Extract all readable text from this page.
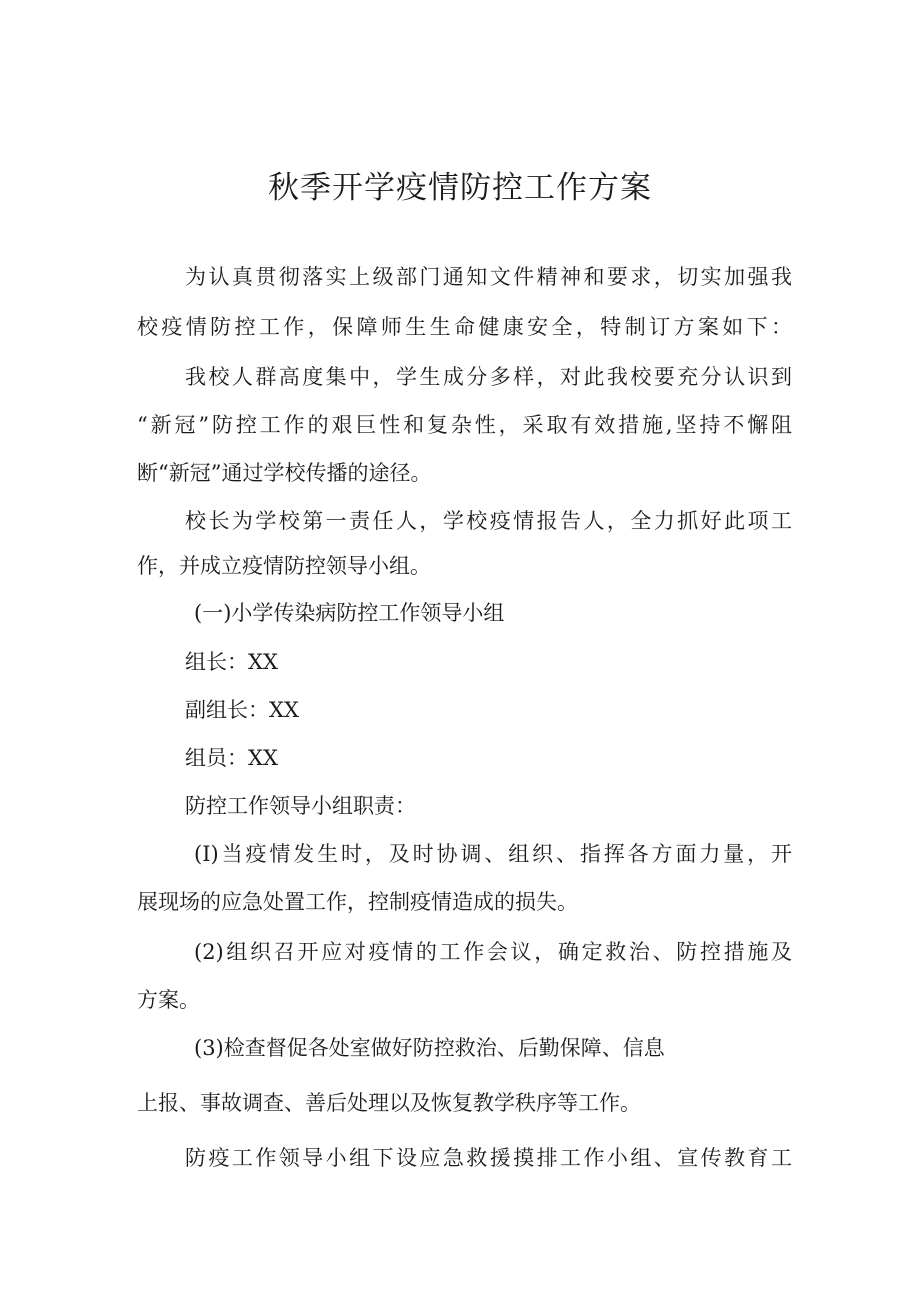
秋季开学疫情防控工作方案

为认真贯彻落实上级部门通知文件精神和要求，切实加强我

校疫情防控工作，保障师生生命健康安全，特制订方案如下：

我校人群高度集中，学生成分多样，对此我校要充分认识到

“新冠”防控工作的艰巨性和复杂性，采取有效措施,坚持不懈阻

断“新冠”通过学校传播的途径。

校长为学校第一责任人，学校疫情报告人，全力抓好此项工

作，并成立疫情防控领导小组。

(一)小学传染病防控工作领导小组

组长：XX

副组长：XX

组员：XX

防控工作领导小组职责：

(I)当疫情发生时，及时协调、组织、指挥各方面力量，开

展现场的应急处置工作，控制疫情造成的损失。

(2)组织召开应对疫情的工作会议，确定救治、防控措施及

方案。

(3)检查督促各处室做好防控救治、后勤保障、信息

上报、事故调查、善后处理以及恢复教学秩序等工作。

防疫工作领导小组下设应急救援摸排工作小组、宣传教育工
